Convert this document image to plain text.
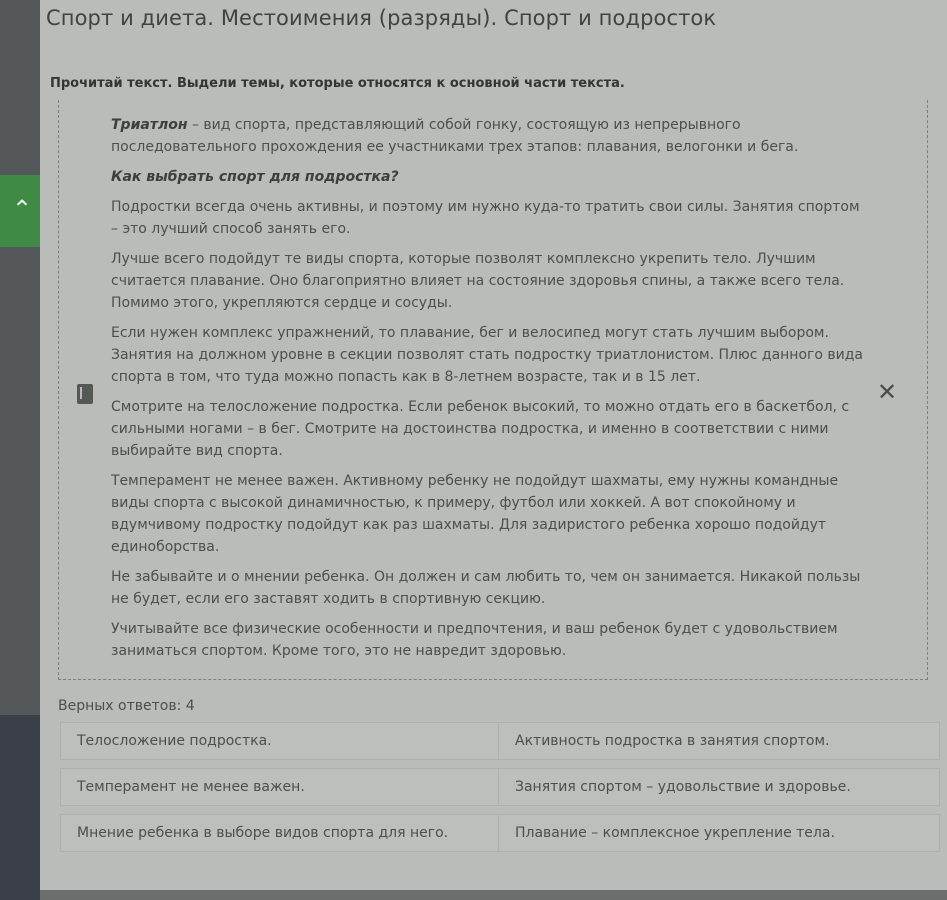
⌃
Спорт и диета. Местоимения (разряды). Спорт и подросток
Прочитай текст. Выдели темы, которые относятся к основной части текста.
✕

Триатлон – вид спорта, представляющий собой гонку, состоящую из непрерывного последовательного прохождения ее участниками трех этапов: плавания, велогонки и бега.

Как выбрать спорт для подростка?

Подростки всегда очень активны, и поэтому им нужно куда-то тратить свои силы. Занятия спортом – это лучший способ занять его.

Лучше всего подойдут те виды спорта, которые позволят комплексно укрепить тело. Лучшим считается плавание. Оно благоприятно влияет на состояние здоровья спины, а также всего тела. Помимо этого, укрепляются сердце и сосуды.

Если нужен комплекс упражнений, то плавание, бег и велосипед могут стать лучшим выбором. Занятия на должном уровне в секции позволят стать подростку триатлонистом. Плюс данного вида спорта в том, что туда можно попасть как в 8-летнем возрасте, так и в 15 лет.

Смотрите на телосложение подростка. Если ребенок высокий, то можно отдать его в баскетбол, с сильными ногами – в бег. Смотрите на достоинства подростка, и именно в соответствии с ними выбирайте вид спорта.

Темперамент не менее важен. Активному ребенку не подойдут шахматы, ему нужны командные виды спорта с высокой динамичностью, к примеру, футбол или хоккей. А вот спокойному и вдумчивому подростку подойдут как раз шахматы. Для задиристого ребенка хорошо подойдут единоборства.

Не забывайте и о мнении ребенка. Он должен и сам любить то, чем он занимается. Никакой пользы не будет, если его заставят ходить в спортивную секцию.

Учитывайте все физические особенности и предпочтения, и ваш ребенок будет с удовольствием заниматься спортом. Кроме того, это не навредит здоровью.

Верных ответов: 4
Телосложение подростка.	Активность подростка в занятия спортом.
Темперамент не менее важен.	Занятия спортом – удовольствие и здоровье.
Мнение ребенка в выборе видов спорта для него.	Плавание – комплексное укрепление тела.
